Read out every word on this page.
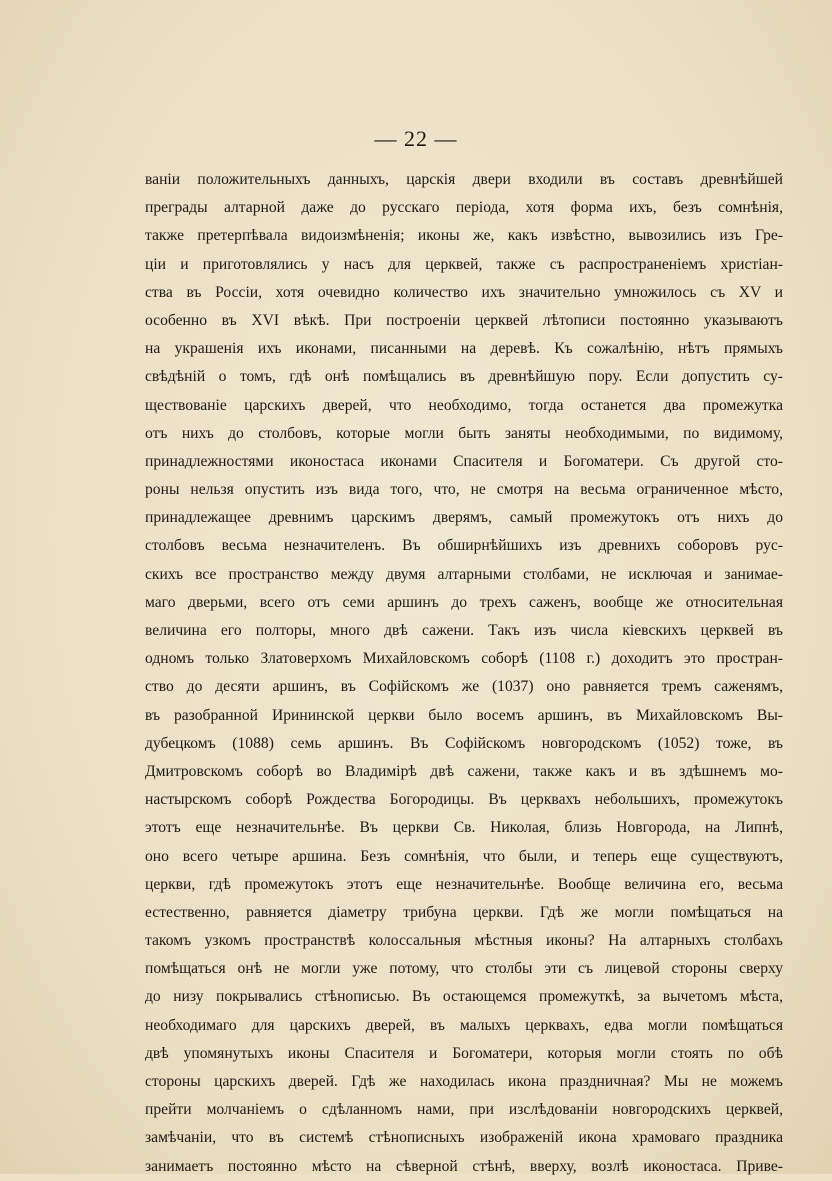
— 22 —
ваніи положительныхъ данныхъ, царскія двери входили въ составъ древнѣйшей
преграды алтарной даже до русскаго періода, хотя форма ихъ, безъ сомнѣнія,
также претерпѣвала видоизмѣненія; иконы же, какъ извѣстно, вывозились изъ Гре-
ціи и приготовлялись у насъ для церквей, также съ распространеніемъ христіан-
ства въ Россіи, хотя очевидно количество ихъ значительно умножилось съ XV и
особенно въ XVI вѣкѣ. При построеніи церквей лѣтописи постоянно указываютъ
на украшенія ихъ иконами, писанными на деревѣ. Къ сожалѣнію, нѣтъ прямыхъ
свѣдѣній о томъ, гдѣ онѣ помѣщались въ древнѣйшую пору. Если допустить су-
ществованіе царскихъ дверей, что необходимо, тогда останется два промежутка
отъ нихъ до столбовъ, которые могли быть заняты необходимыми, по видимому,
принадлежностями иконостаса иконами Спасителя и Богоматери. Съ другой сто-
роны нельзя опустить изъ вида того, что, не смотря на весьма ограниченное мѣсто,
принадлежащее древнимъ царскимъ дверямъ, самый промежутокъ отъ нихъ до
столбовъ весьма незначителенъ. Въ обширнѣйшихъ изъ древнихъ соборовъ рус-
скихъ все пространство между двумя алтарными столбами, не исключая и занимае-
маго дверьми, всего отъ семи аршинъ до трехъ саженъ, вообще же относительная
величина его полторы, много двѣ сажени. Такъ изъ числа кіевскихъ церквей въ
одномъ только Златоверхомъ Михайловскомъ соборѣ (1108 г.) доходитъ это простран-
ство до десяти аршинъ, въ Софійскомъ же (1037) оно равняется тремъ саженямъ,
въ разобранной Ирининской церкви было восемъ аршинъ, въ Михайловскомъ Вы-
дубецкомъ (1088) семь аршинъ. Въ Софійскомъ новгородскомъ (1052) тоже, въ
Дмитровскомъ соборѣ во Владимірѣ двѣ сажени, также какъ и въ здѣшнемъ мо-
настырскомъ соборѣ Рождества Богородицы. Въ церквахъ небольшихъ, промежутокъ
этотъ еще незначительнѣе. Въ церкви Св. Николая, близь Новгорода, на Липнѣ,
оно всего четыре аршина. Безъ сомнѣнія, что были, и теперь еще существуютъ,
церкви, гдѣ промежутокъ этотъ еще незначительнѣе. Вообще величина его, весьма
естественно, равняется діаметру трибуна церкви. Гдѣ же могли помѣщаться на
такомъ узкомъ пространствѣ колоссальныя мѣстныя иконы? На алтарныхъ столбахъ
помѣщаться онѣ не могли уже потому, что столбы эти съ лицевой стороны сверху
до низу покрывались стѣнописью. Въ остающемся промежуткѣ, за вычетомъ мѣста,
необходимаго для царскихъ дверей, въ малыхъ церквахъ, едва могли помѣщаться
двѣ упомянутыхъ иконы Спасителя и Богоматери, которыя могли стоять по обѣ
стороны царскихъ дверей. Гдѣ же находилась икона праздничная? Мы не можемъ
прейти молчаніемъ о сдѣланномъ нами, при изслѣдованіи новгородскихъ церквей,
замѣчаніи, что въ системѣ стѣнописныхъ изображеній икона храмоваго праздника
занимаетъ постоянно мѣсто на сѣверной стѣнѣ, вверху, возлѣ иконостаса. Приве-
